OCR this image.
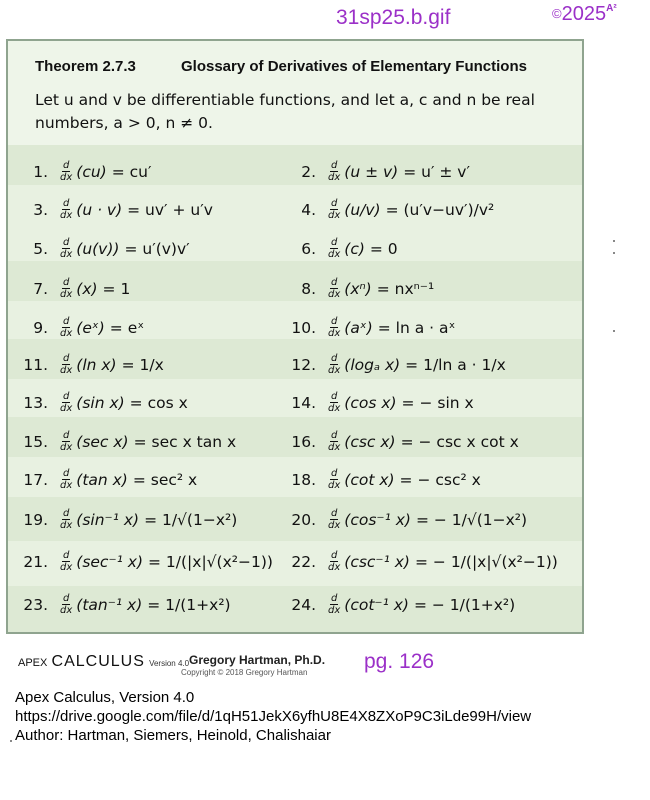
31sp25.b.gif	$©2025^{A^2}$
Theorem 2.7.3	Glossary of Derivatives of Elementary Functions
Let u and v be differentiable functions, and let a, c and n be real
numbers, a > 0, n ≠ 0.
1. $\frac{d}{dx} (cu) = cu'$	2. $\frac{d}{dx} (u \pm v) = u' \pm v'$
3. $\frac{d}{dx} (u \cdot v) = uv' + u'v$	4. $\frac{d}{dx} (u/v) = (u'v-uv')/v^2$
5. $\frac{d}{dx} (u(v)) = u'(v)v'$	6. $\frac{d}{dx} (c) = 0$
7. $\frac{d}{dx} (x) = 1$	8. $\frac{d}{dx} (x^n) = nx^{n-1}$
9. $\frac{d}{dx}$ (eˣ) = eˣ	10. $\frac{d}{dx}$ (aˣ) = ln a · aˣ
11. $\frac{d}{dx} (\ln$ x) = 1/x	12. $\frac{d}{dx} (\log_a$ x) = 1/ln a · 1/x
13. $\frac{d}{dx} (\sin$ x) = cos x	14. $\frac{d}{dx} (\cos$ x) = − sin x
15. $\frac{d}{dx} (\sec$ x) = sec x tan x	16. $\frac{d}{dx} (\csc$ x) = − csc x cot x
17. $\frac{d}{dx} (\tan$ x) = sec² x	18. $\frac{d}{dx} (\cot$ x) = − csc² x
19. $\frac{d}{dx} (\sin^{-1}$ x) = 1/√(1−x²)	20. $\frac{d}{dx} (\cos^{-1}$ x) = − 1/√(1−x²)
21. $\frac{d}{dx} (\sec^{-1}$ x) = 1/(|x|√(x²−1)) 22. $\frac{d}{dx} (\csc^{-1}$ x) = − 1/(|x|√(x²−1))
23. $\frac{d}{dx} (\tan^{-1}$ x) = 1/(1+x²)	24. $\frac{d}{dx} (\cot^{-1}$ x) = − 1/(1+x²)
APEX CALCULUS Version 4.0 Gregory Hartman, Ph.D.
Copyright © 2018 Gregory Hartman	pg. 126
Apex Calculus, Version 4.0
https://drive.google.com/file/d/1qH51JekX6yfhU8E4X8ZXoP9C3iLde99H/view
Author: Hartman, Siemers, Heinold, Chalishaiar
